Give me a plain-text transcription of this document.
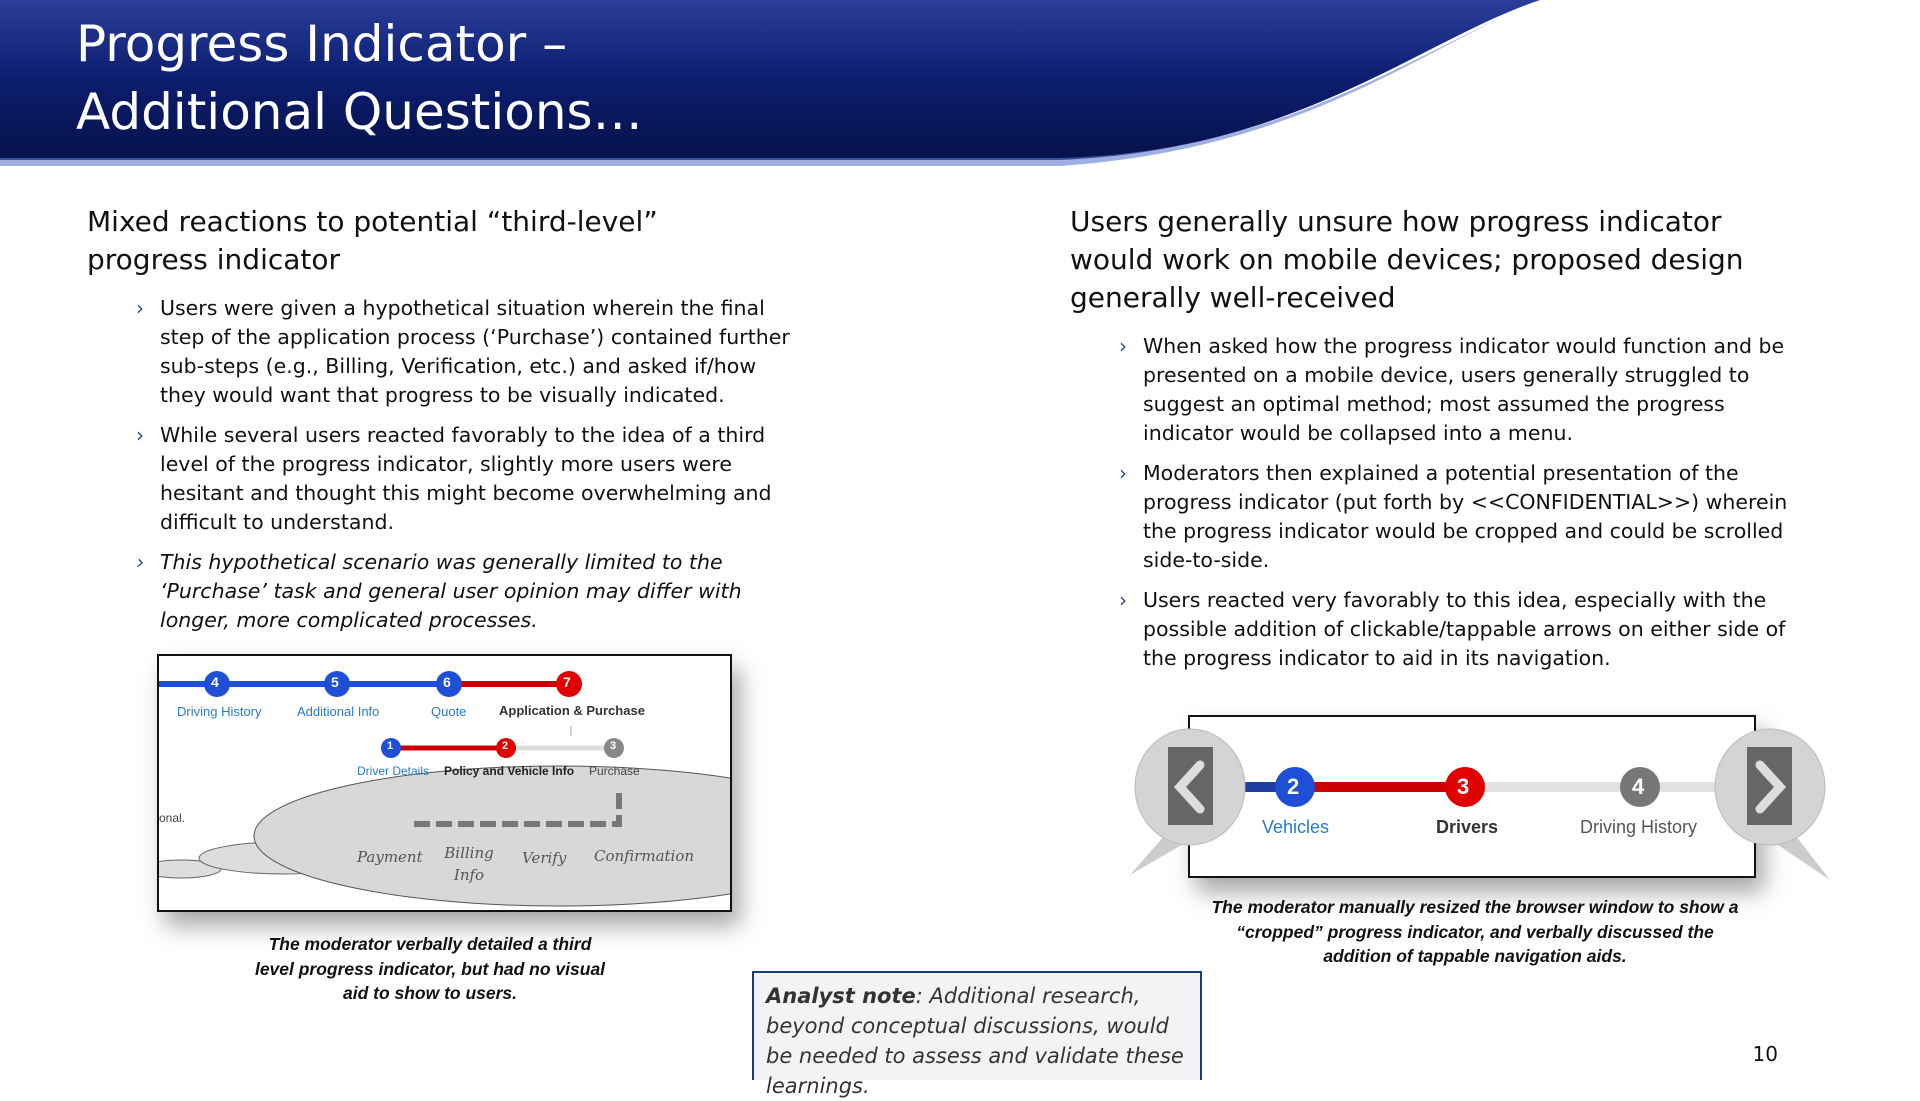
Progress Indicator –
Additional Questions…
Mixed reactions to potential “third-level” progress indicator
› Users were given a hypothetical situation wherein the final step of the application process (‘Purchase’) contained further sub-steps (e.g., Billing, Verification, etc.) and asked if/how they would want that progress to be visually indicated.
› While several users reacted favorably to the idea of a third level of the progress indicator, slightly more users were hesitant and thought this might become overwhelming and difficult to understand.
› This hypothetical scenario was generally limited to the ‘Purchase’ task and general user opinion may differ with longer, more complicated processes.
4	5	6	7
Driving History	Additional Info	Quote	Application & Purchase
1	2	3
Driver Details Policy and Vehicle Info Purchase
onal.
Payment Billing Info
Verify Confirmation
The moderator verbally detailed a third level progress indicator, but had no visual aid to show to users.
Users generally unsure how progress indicator would work on mobile devices; proposed design generally well-received
› When asked how the progress indicator would function and be presented on a mobile device, users generally struggled to suggest an optimal method; most assumed the progress indicator would be collapsed into a menu.
› Moderators then explained a potential presentation of the progress indicator (put forth by <<CONFIDENTIAL>>) wherein the progress indicator would be cropped and could be scrolled side-to-side.
› Users reacted very favorably to this idea, especially with the possible addition of clickable/tappable arrows on either side of the progress indicator to aid in its navigation.
2	3	4
Vehicles	Drivers	Driving History
The moderator manually resized the browser window to show a “cropped” progress indicator, and verbally discussed the addition of tappable navigation aids.
Analyst note: Additional research, beyond conceptual discussions, would be needed to assess and validate these learnings.
10
